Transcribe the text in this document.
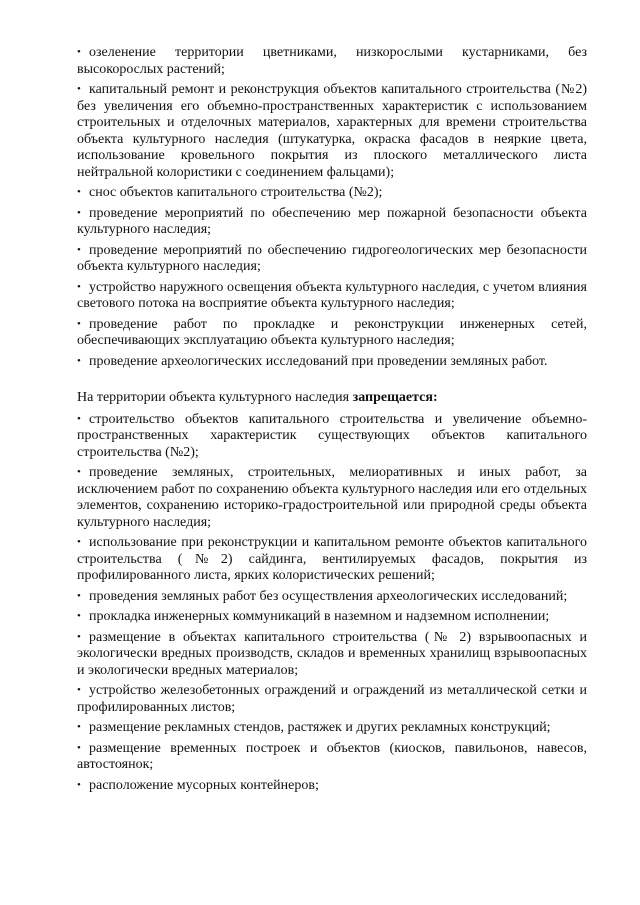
• озеленение территории цветниками, низкорослыми кустарниками, без высокорослых растений;
• капитальный ремонт и реконструкция объектов капитального строительства (№2) без увеличения его объемно-пространственных характеристик с использованием строительных и отделочных материалов, характерных для времени строительства объекта культурного наследия (штукатурка, окраска фасадов в неяркие цвета, использование кровельного покрытия из плоского металлического листа нейтральной колористики с соединением фальцами);
• снос объектов капитального строительства (№2);
• проведение мероприятий по обеспечению мер пожарной безопасности объекта культурного наследия;
• проведение мероприятий по обеспечению гидрогеологических мер безопасности объекта культурного наследия;
• устройство наружного освещения объекта культурного наследия, с учетом влияния светового потока на восприятие объекта культурного наследия;
• проведение работ по прокладке и реконструкции инженерных сетей, обеспечивающих эксплуатацию объекта культурного наследия;
• проведение археологических исследований при проведении земляных работ.
На территории объекта культурного наследия запрещается:
• строительство объектов капитального строительства и увеличение объемно-пространственных характеристик существующих объектов капитального строительства (№2);
• проведение земляных, строительных, мелиоративных и иных работ, за исключением работ по сохранению объекта культурного наследия или его отдельных элементов, сохранению историко-градостроительной или природной среды объекта культурного наследия;
• использование при реконструкции и капитальном ремонте объектов капитального строительства (№2) сайдинга, вентилируемых фасадов, покрытия из профилированного листа, ярких колористических решений;
• проведения земляных работ без осуществления археологических исследований;
• прокладка инженерных коммуникаций в наземном и надземном исполнении;
• размещение в объектах капитального строительства (№ 2) взрывоопасных и экологически вредных производств, складов и временных хранилищ взрывоопасных и экологически вредных материалов;
• устройство железобетонных ограждений и ограждений из металлической сетки и профилированных листов;
• размещение рекламных стендов, растяжек и других рекламных конструкций;
• размещение временных построек и объектов (киосков, павильонов, навесов, автостоянок;
• расположение мусорных контейнеров;
